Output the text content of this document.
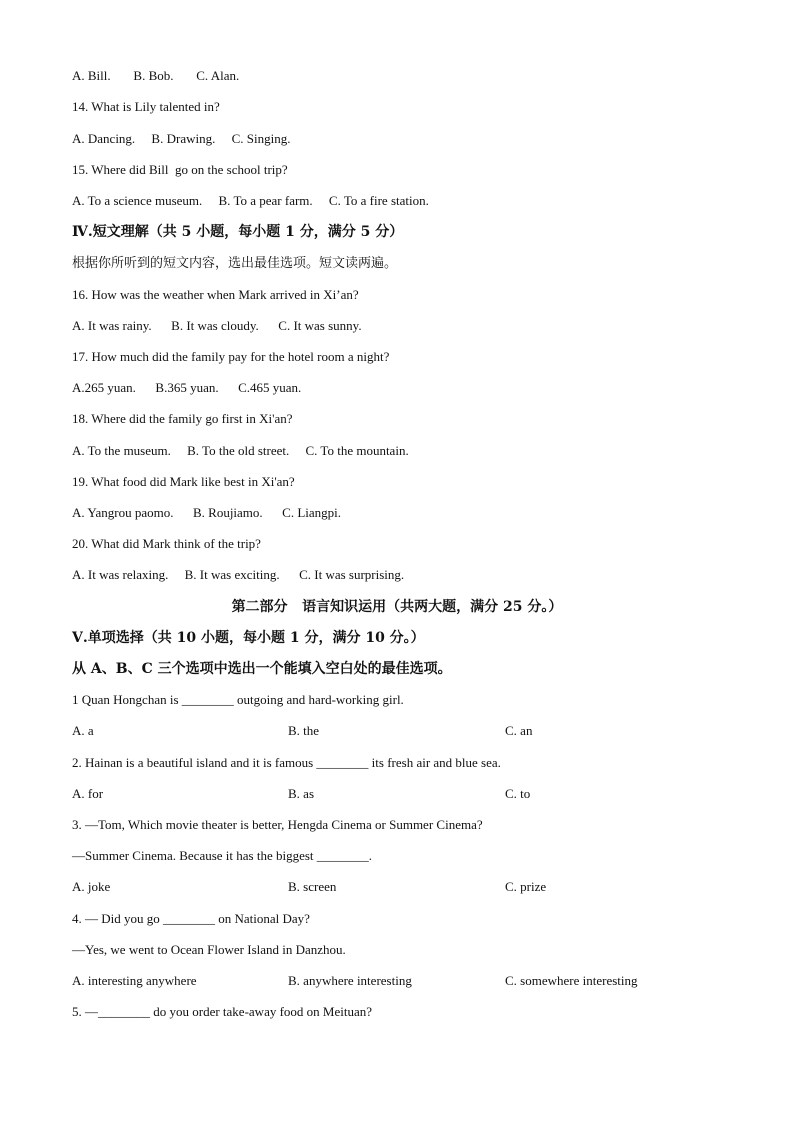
A. Bill.       B. Bob.       C. Alan.
14. What is Lily talented in?
A. Dancing.     B. Drawing.     C. Singing.
15. Where did Bill  go on the school trip?
A. To a science museum.     B. To a pear farm.     C. To a fire station.
Ⅳ.短文理解（共 5 小题，每小题 1 分，满分 5 分）
根据你所听到的短文内容，选出最佳选项。短文读两遍。
16. How was the weather when Mark arrived in Xi’an?
A. It was rainy.      B. It was cloudy.      C. It was sunny.
17. How much did the family pay for the hotel room a night?
A.265 yuan.      B.365 yuan.      C.465 yuan.
18. Where did the family go first in Xi'an?
A. To the museum.     B. To the old street.     C. To the mountain.
19. What food did Mark like best in Xi'an?
A. Yangrou paomo.      B. Roujiamo.      C. Liangpi.
20. What did Mark think of the trip?
A. It was relaxing.     B. It was exciting.      C. It was surprising.
第二部分   语言知识运用（共两大题，满分 25 分。）
Ⅴ.单项选择（共 10 小题，每小题 1 分，满分 10 分。）
从 A、B、C 三个选项中选出一个能填入空白处的最佳选项。
1 Quan Hongchan is ________ outgoing and hard-working girl.
A. a	B. the	C. an
2. Hainan is a beautiful island and it is famous ________ its fresh air and blue sea.
A. for	B. as	C. to
3. —Tom, Which movie theater is better, Hengda Cinema or Summer Cinema?
—Summer Cinema. Because it has the biggest ________.
A. joke	B. screen	C. prize
4. — Did you go ________ on National Day?
—Yes, we went to Ocean Flower Island in Danzhou.
A. interesting anywhere	B. anywhere interesting	C. somewhere interesting
5. —________ do you order take-away food on Meituan?
